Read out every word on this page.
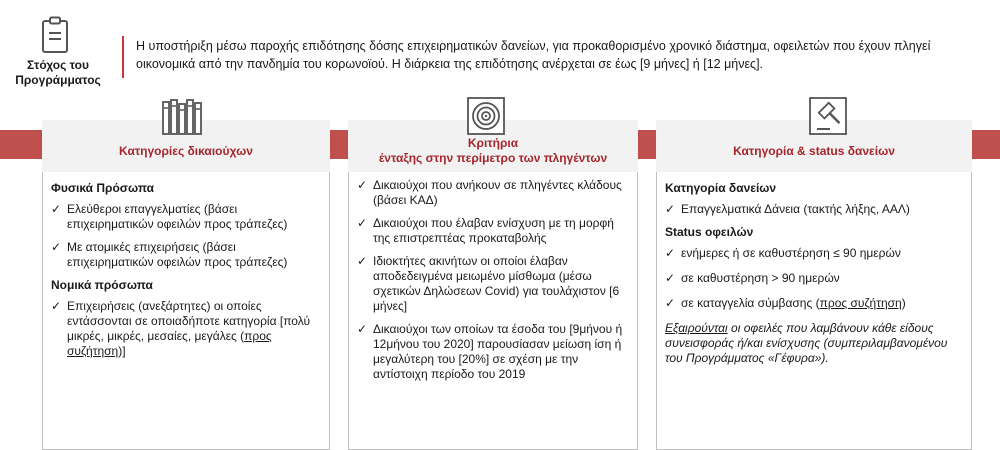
Στόχος του
Προγράμματος
Η υποστήριξη μέσω παροχής επιδότησης δόσης επιχειρηματικών δανείων, για προκαθορισμένο χρονικό διάστημα, οφειλετών που έχουν πληγεί οικονομικά από την πανδημία του κορωνοϊού. Η διάρκεια της επιδότησης ανέρχεται σε έως [9 μήνες] ή [12 μήνες].
Κατηγορίες δικαιούχων
Φυσικά Πρόσωπα
✓ Ελεύθεροι επαγγελματίες (βάσει επιχειρηματικών οφειλών προς τράπεζες)
✓ Με ατομικές επιχειρήσεις (βάσει επιχειρηματικών οφειλών προς τράπεζες)
Νομικά πρόσωπα
✓ Επιχειρήσεις (ανεξάρτητες) οι οποίες εντάσσονται σε οποιαδήποτε κατηγορία [πολύ μικρές, μικρές, μεσαίες, μεγάλες (προς συζήτηση)]
Κριτήρια
ένταξης στην περίμετρο των πληγέντων
✓ Δικαιούχοι που ανήκουν σε πληγέντες κλάδους (βάσει ΚΑΔ)
✓ Δικαιούχοι που έλαβαν ενίσχυση με τη μορφή της επιστρεπτέας προκαταβολής
✓ Ιδιοκτήτες ακινήτων οι οποίοι έλαβαν αποδεδειγμένα μειωμένο μίσθωμα (μέσω σχετικών Δηλώσεων Covid) για τουλάχιστον [6 μήνες]
✓ Δικαιούχοι των οποίων τα έσοδα του [9μήνου ή 12μήνου του 2020] παρουσίασαν μείωση ίση ή μεγαλύτερη του [20%] σε σχέση με την αντίστοιχη περίοδο του 2019
Κατηγορία & status δανείων
Κατηγορία δανείων
✓ Επαγγελματικά Δάνεια (τακτής λήξης, ΑΑΛ)
Status οφειλών
✓ ενήμερες ή σε καθυστέρηση ≤ 90 ημερών
✓ σε καθυστέρηση > 90 ημερών
✓ σε καταγγελία σύμβασης (προς συζήτηση)
Εξαιρούνται οι οφειλές που λαμβάνουν κάθε είδους συνεισφοράς ή/και ενίσχυσης (συμπεριλαμβανομένου του Προγράμματος «Γέφυρα»).
